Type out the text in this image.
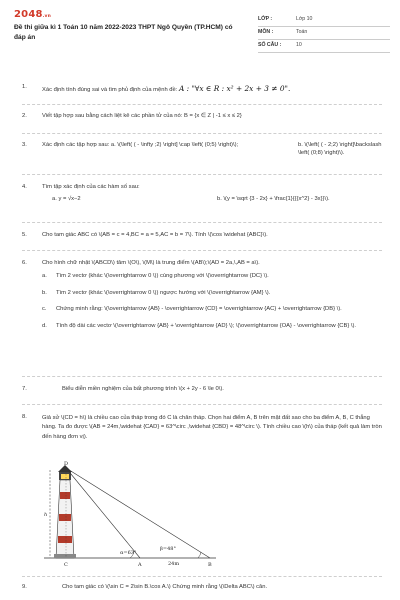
2048.vn
Đề thi giữa kì 1 Toán 10 năm 2022-2023 THPT Ngô Quyền (TP.HCM) có đáp án
LỚP :	Lớp 10
MÔN :	Toán
SỐ CÂU :	10
1.	Xác định tính đúng sai và tìm phủ định của mệnh đề: A : "∀x ∈ R : x² + 2x + 3 ≠ 0".
2.	Viết tập hợp sau bằng cách liệt kê các phần tử của nó: B = {x ∈ Z | -1 ≤ x ≤ 2}
3.	Xác định các tập hợp sau: a. \(\left( ( - \infty ;2) \right] \cap \left( (0;5) \right)\);	b. \(\left( ( - 2;2) \right]\backslash \left( (0;8) \right)\).
4.	Tìm tập xác định của các hàm số sau:
a. y = √x−2	b. \(y = \sqrt {3 - 2x} + \frac{1}{{{x^2} - 3x}}\).
5.	Cho tam giác ABC có \(AB = c = 4,BC = a = 5,AC = b = 7\). Tính \(\cos \widehat {ABC}\).
6.	Cho hình chữ nhật \(ABCD\) tâm \(O\), \(M\) là trung điểm \(AB\);\(AD = 2a,\,AB = a\).
a. Tìm 2 vectơ (khác \(\overrightarrow 0 \)) cùng phương với \(\overrightarrow {DC} \).
b. Tìm 2 vectơ (khác \(\overrightarrow 0 \)) ngược hướng với \(\overrightarrow {AM} \).
c. Chứng minh rằng: \(\overrightarrow {AB} - \overrightarrow {CD} = \overrightarrow {AC} + \overrightarrow {DB} \).
d. Tính độ dài các vectơ \(\overrightarrow {AB} + \overrightarrow {AD} \); \(\overrightarrow {OA} - \overrightarrow {CB} \).
7.	Biểu diễn miền nghiệm của bất phương trình \(x + 2y - 6 \le 0\).
8.	Giả sử \(CD = h\) là chiều cao của tháp trong đó C là chân tháp. Chọn hai điểm A, B trên mặt đất sao cho ba điểm A, B, C thẳng hàng. Ta đo được \(AB = 24m,\widehat {CAD} = 63^\circ ,\widehat {CBD} = 48^\circ \). Tính chiều cao \(h\) của tháp (kết quả làm tròn đến hàng đơn vị).
D
C	A	B
h
α=63°
β=48°
24m
9.	Cho tam giác có \(\sin C = 2\sin B.\cos A.\) Chứng minh rằng \(\Delta ABC\) cân.
